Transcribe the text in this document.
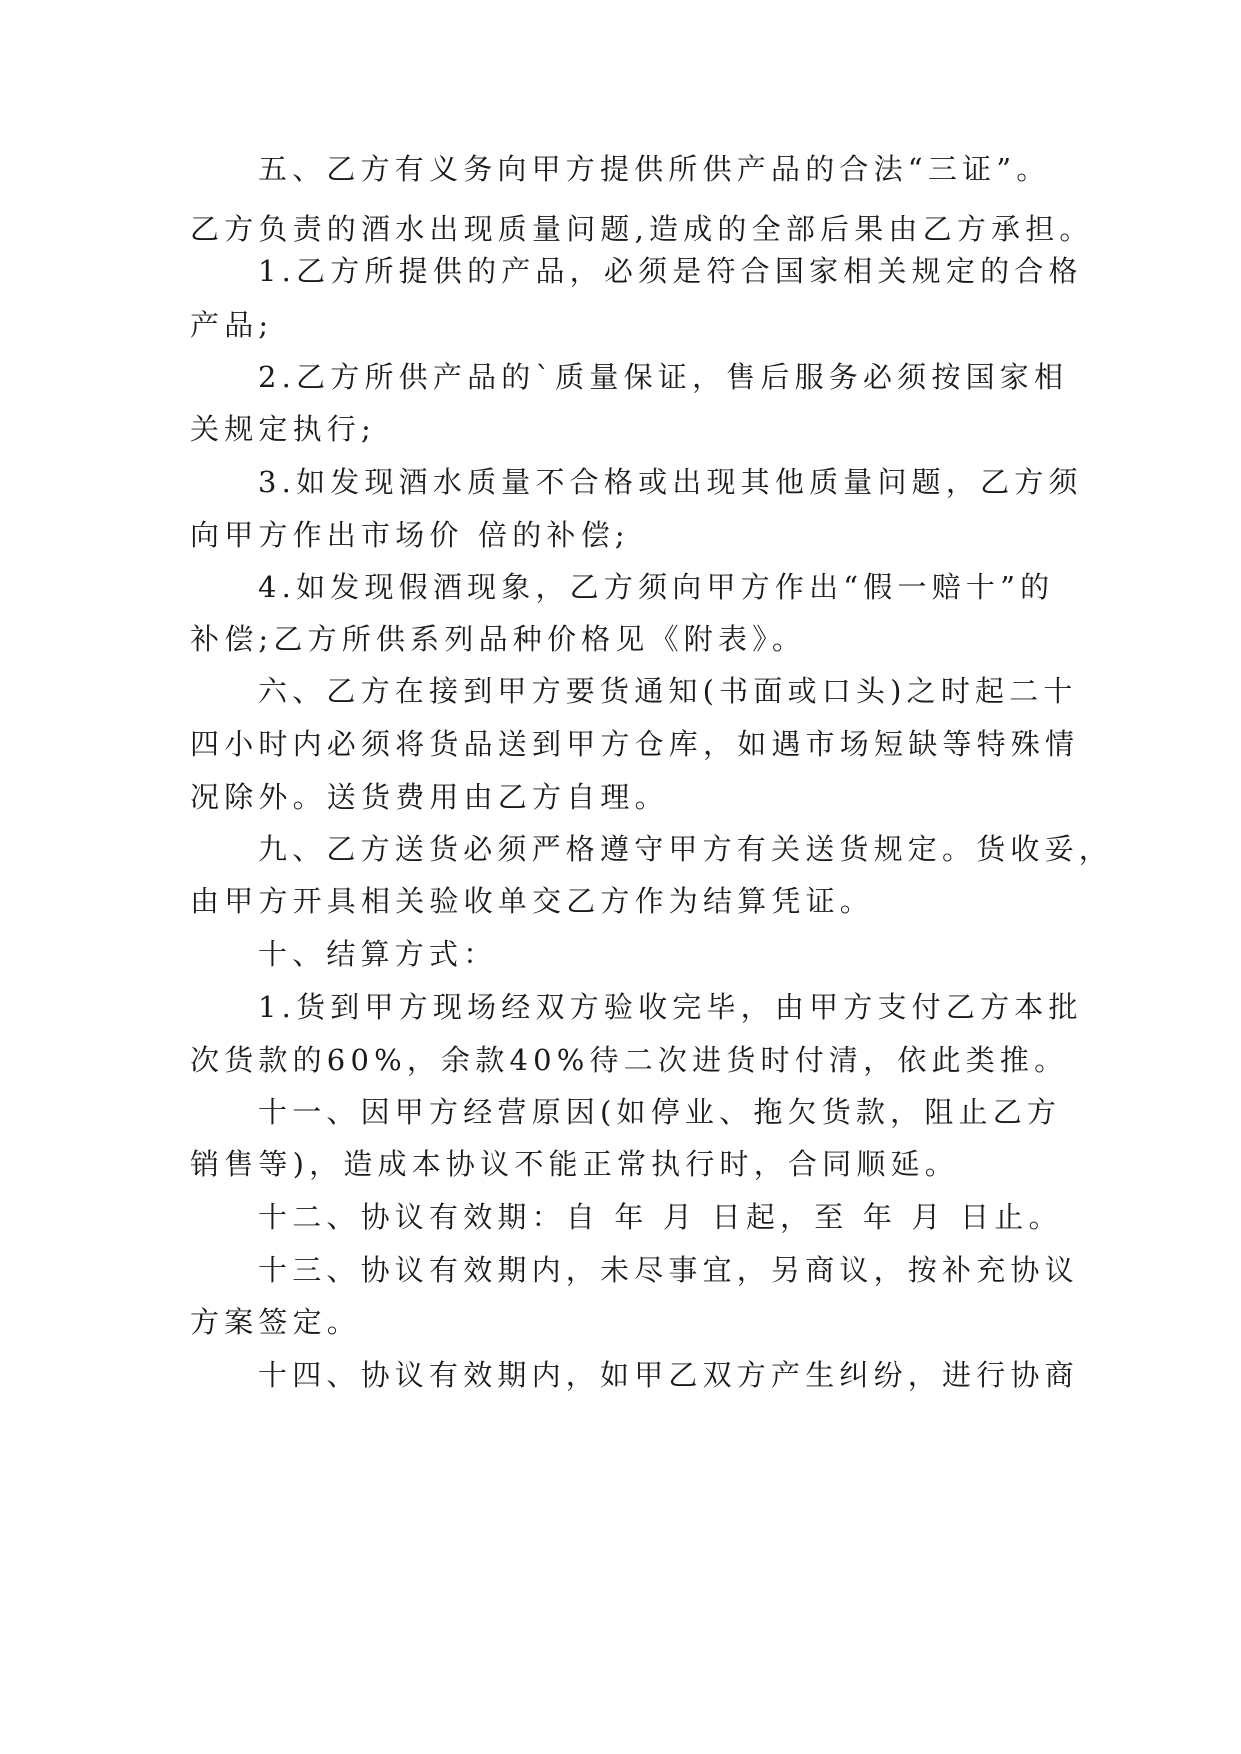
五、乙方有义务向甲方提供所供产品的合法“三证”。
乙方负责的酒水出现质量问题,造成的全部后果由乙方承担。
1.乙方所提供的产品，必须是符合国家相关规定的合格
产品;
2.乙方所供产品的`质量保证，售后服务必须按国家相
关规定执行;
3.如发现酒水质量不合格或出现其他质量问题，乙方须
向甲方作出市场价 倍的补偿;
4.如发现假酒现象，乙方须向甲方作出“假一赔十”的
补偿;乙方所供系列品种价格见《附表》。
六、乙方在接到甲方要货通知(书面或口头)之时起二十
四小时内必须将货品送到甲方仓库，如遇市场短缺等特殊情
况除外。送货费用由乙方自理。
九、乙方送货必须严格遵守甲方有关送货规定。货收妥，
由甲方开具相关验收单交乙方作为结算凭证。
十、结算方式：
1.货到甲方现场经双方验收完毕，由甲方支付乙方本批
次货款的60%，余款40%待二次进货时付清，依此类推。
十一、因甲方经营原因(如停业、拖欠货款，阻止乙方
销售等)，造成本协议不能正常执行时，合同顺延。
十二、协议有效期：自 年 月 日起，至 年 月 日止。
十三、协议有效期内，未尽事宜，另商议，按补充协议
方案签定。
十四、协议有效期内，如甲乙双方产生纠纷，进行协商
